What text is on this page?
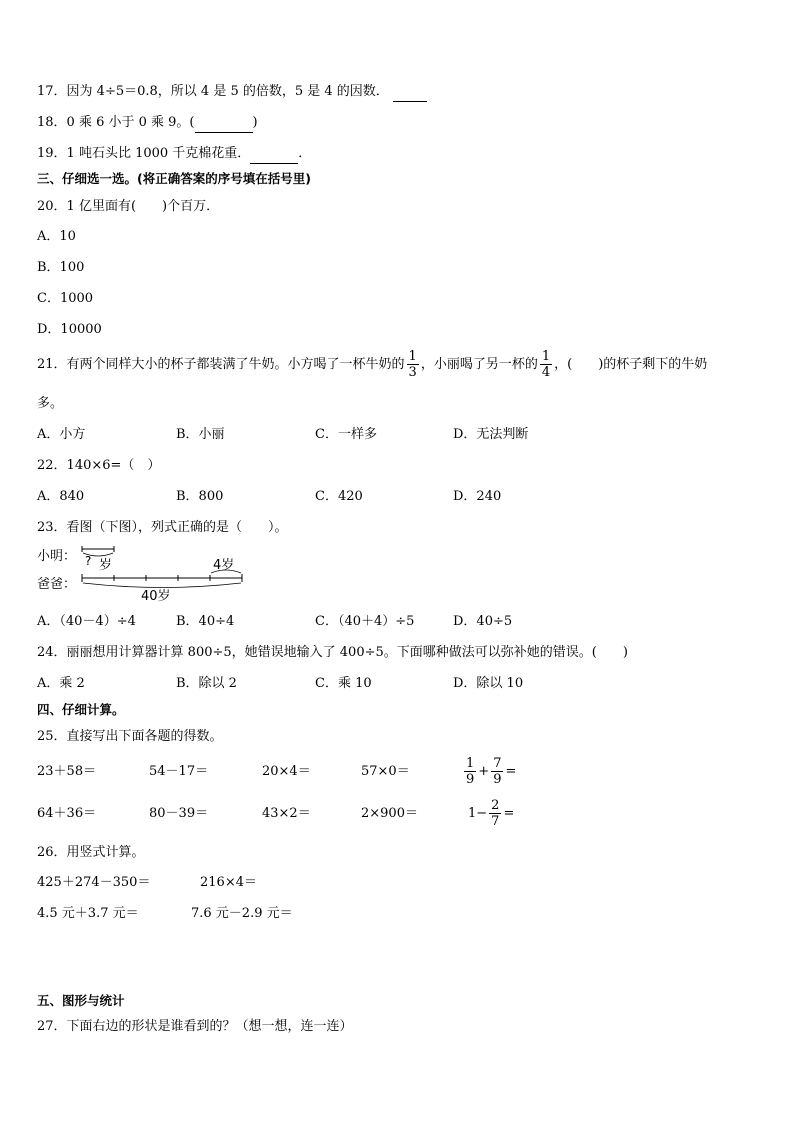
17．因为 4÷5＝0.8，所以 4 是 5 的倍数，5 是 4 的因数．
18．0 乘 6 小于 0 乘 9。(	)
19．1 吨石头比 1000 千克棉花重．	．
三、仔细选一选。(将正确答案的序号填在括号里)
20．1 亿里面有(　　)个百万．
A．10
B．100
C．1000
D．10000
21．有两个同样大小的杯子都装满了牛奶。小方喝了一杯牛奶的 $\frac{1}{3}$ ，小丽喝了另一杯的 $\frac{1}{4}$ ，(　　)的杯子剩下的牛奶
多。
A．小方	B．小丽	C．一样多	D．无法判断
22．140×6=（　）
A．840	B．800	C．420	D．240
23．看图（下图），列式正确的是（　　）。
小明：
爸爸：
? 岁	4岁
40岁
A．（40－4）÷4	B．40÷4	C．（40＋4）÷5	D．40÷5
24．丽丽想用计算器计算 800÷5，她错误地输入了 400÷5。下面哪种做法可以弥补她的错误。(　　)
A．乘 2	B．除以 2	C．乘 10	D．除以 10
四、仔细计算。
25．直接写出下面各题的得数。
23＋58＝	54－17＝	20×4＝	57×0＝	$\frac{1}{9} + \frac{7}{9}$ =
64＋36＝	80－39＝	43×2＝	2×900＝	$1- \frac{2}{7}$ =
26．用竖式计算。
425＋274－350＝	216×4＝
4.5 元＋3.7 元＝	7.6 元－2.9 元＝
五、图形与统计
27．下面右边的形状是谁看到的？（想一想，连一连）
